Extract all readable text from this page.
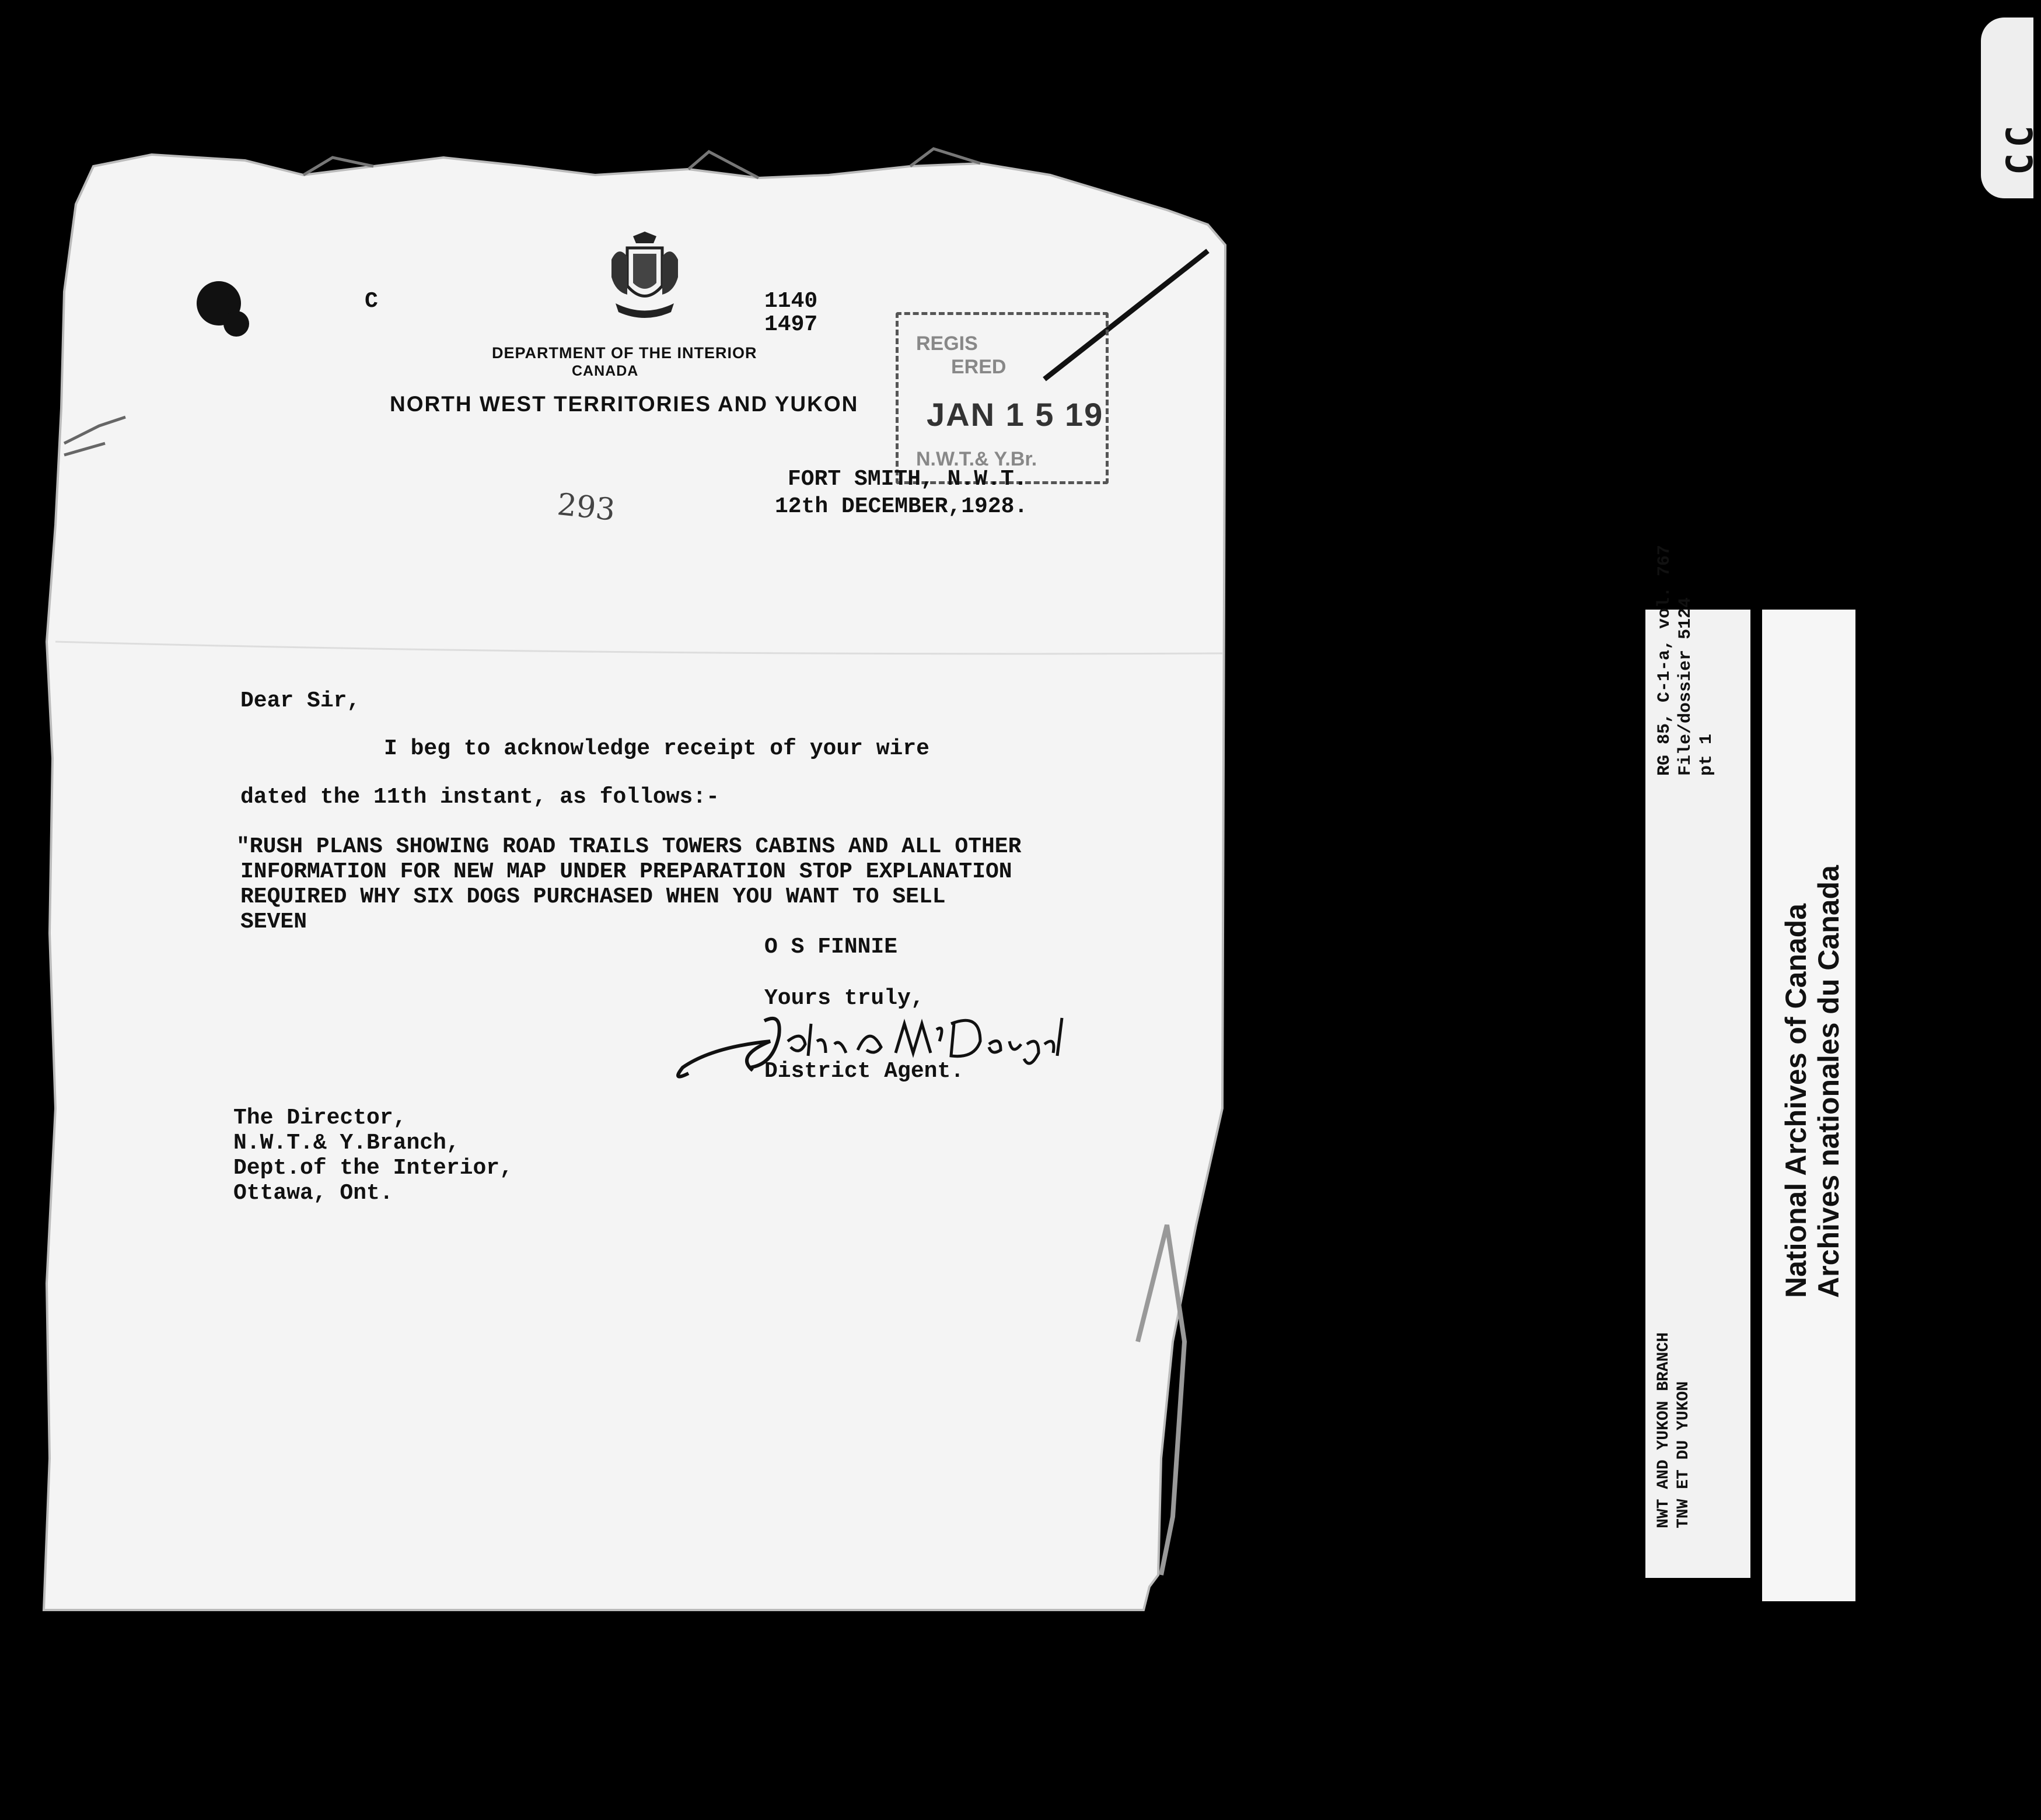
C	1140
1497
DEPARTMENT OF THE INTERIOR
CANADA
NORTH WEST TERRITORIES AND YUKON
REGIS
ERED
JAN 1 5 19
N.W.T.& Y.Br.
293
FORT SMITH, N.W.T.
12th DECEMBER,1928.
Dear Sir,
I beg to acknowledge receipt of your wire
dated the 11th instant, as follows:-
"RUSH PLANS SHOWING ROAD TRAILS TOWERS CABINS AND ALL OTHER
INFORMATION FOR NEW MAP UNDER PREPARATION STOP EXPLANATION
REQUIRED WHY SIX DOGS PURCHASED WHEN YOU WANT TO SELL
SEVEN
O S FINNIE
Yours truly,
District Agent.
The Director,
N.W.T.& Y.Branch,
Dept.of the Interior,
Ottawa, Ont.
RG 85, C-1-a, vol. 767
File/dossier 5124
pt 1
NWT AND YUKON BRANCH TNW ET DU YUKON
National Archives of Canada
Archives nationales du Canada
CC
